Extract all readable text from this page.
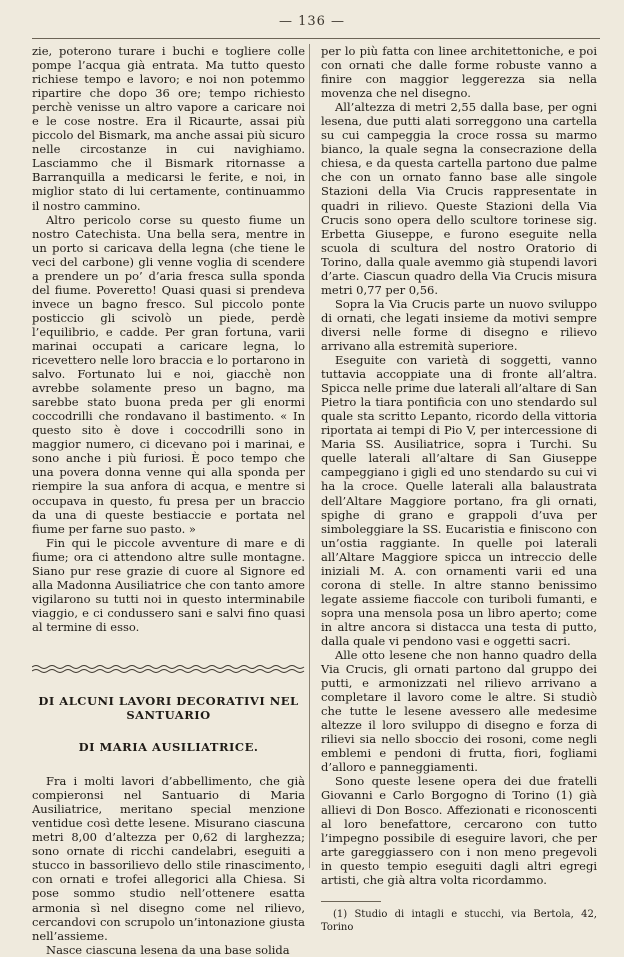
— 136 —

zie, poterono turare i buchi e togliere colle pompe l’acqua già entrata. Ma tutto questo richiese tempo e lavoro; e noi non potemmo ripartire che dopo 36 ore; tempo richiesto perchè venisse un altro vapore a caricare noi e le cose nostre. Era il Ricaurte, assai più piccolo del Bismark, ma anche assai più sicuro nelle circostanze in cui navighiamo. Lasciammo che il Bismark ritornasse a Barranquilla a medicarsi le ferite, e noi, in miglior stato di lui certamente, continuammo il nostro cammino.

Altro pericolo corse su questo fiume un nostro Catechista. Una bella sera, mentre in un porto si caricava della legna (che tiene le veci del carbone) gli venne voglia di scendere a prendere un po’ d’aria fresca sulla sponda del fiume. Poveretto! Quasi quasi si prendeva invece un bagno fresco. Sul piccolo ponte posticcio gli scivolò un piede, perdè l’equilibrio, e cadde. Per gran fortuna, varii marinai occupati a caricare legna, lo ricevettero nelle loro braccia e lo portarono in salvo. Fortunato lui e noi, giacchè non avrebbe solamente preso un bagno, ma sarebbe stato buona preda per gli enormi coccodrilli che rondavano il bastimento. « In questo sito è dove i coccodrilli sono in maggior numero, ci dicevano poi i marinai, e sono anche i più furiosi. È poco tempo che una povera donna venne qui alla sponda per riempire la sua anfora di acqua, e mentre si occupava in questo, fu presa per un braccio da una di queste bestiaccie e portata nel fiume per farne suo pasto. »

Fin qui le piccole avventure di mare e di fiume; ora ci attendono altre sulle montagne. Siano pur rese grazie di cuore al Signore ed alla Madonna Ausiliatrice che con tanto amore vigilarono su tutti noi in questo interminabile viaggio, e ci condussero sani e salvi fino quasi al termine di esso.

DI ALCUNI LAVORI DECORATIVI NEL SANTUARIO
DI MARIA AUSILIATRICE.

Fra i molti lavori d’abbellimento, che già compieronsi nel Santuario di Maria Ausiliatrice, meritano special menzione ventidue così dette lesene. Misurano ciascuna metri 8,00 d’altezza per 0,62 di larghezza; sono ornate di ricchi candelabri, eseguiti a stucco in bassorilievo dello stile rinascimento, con ornati e trofei allegorici alla Chiesa. Si pose sommo studio nell’ottenere esatta armonia sì nel disegno come nel rilievo, cercandovi con scrupolo un’intonazione giusta nell’assieme.

Nasce ciascuna lesena da una base solida

per lo più fatta con linee architettoniche, e poi con ornati che dalle forme robuste vanno a finire con maggior leggerezza sia nella movenza che nel disegno.

All’altezza di metri 2,55 dalla base, per ogni lesena, due putti alati sorreggono una cartella su cui campeggia la croce rossa su marmo bianco, la quale segna la consecrazione della chiesa, e da questa cartella partono due palme che con un ornato fanno base alle singole Stazioni della Via Crucis rappresentate in quadri in rilievo. Queste Stazioni della Via Crucis sono opera dello scultore torinese sig. Erbetta Giuseppe, e furono eseguite nella scuola di scultura del nostro Oratorio di Torino, dalla quale avemmo già stupendi lavori d’arte. Ciascun quadro della Via Crucis misura metri 0,77 per 0,56.

Sopra la Via Crucis parte un nuovo sviluppo di ornati, che legati insieme da motivi sempre diversi nelle forme di disegno e rilievo arrivano alla estremità superiore.

Eseguite con varietà di soggetti, vanno tuttavia accoppiate una di fronte all’altra. Spicca nelle prime due laterali all’altare di San Pietro la tiara pontificia con uno stendardo sul quale sta scritto Lepanto, ricordo della vittoria riportata ai tempi di Pio V, per intercessione di Maria SS. Ausiliatrice, sopra i Turchi. Su quelle laterali all’altare di San Giuseppe campeggiano i gigli ed uno stendardo su cui vi ha la croce. Quelle laterali alla balaustrata dell’Altare Maggiore portano, fra gli ornati, spighe di grano e grappoli d’uva per simboleggiare la SS. Eucaristia e finiscono con un’ostia raggiante. In quelle poi laterali all’Altare Maggiore spicca un intreccio delle iniziali M. A. con ornamenti varii ed una corona di stelle. In altre stanno benissimo legate assieme fiaccole con turiboli fumanti, e sopra una mensola posa un libro aperto; come in altre ancora si distacca una testa di putto, dalla quale vi pendono vasi e oggetti sacri.

Alle otto lesene che non hanno quadro della Via Crucis, gli ornati partono dal gruppo dei putti, e armonizzati nel rilievo arrivano a completare il lavoro come le altre. Si studiò che tutte le lesene avessero alle medesime altezze il loro sviluppo di disegno e forza di rilievi sia nello sboccio dei rosoni, come negli emblemi e pendoni di frutta, fiori, fogliami d’alloro e panneggiamenti.

Sono queste lesene opera dei due fratelli Giovanni e Carlo Borgogno di Torino (1) già allievi di Don Bosco. Affezionati e riconoscenti al loro benefattore, cercarono con tutto l’impegno possibile di eseguire lavori, che per arte gareggiassero con i non meno pregevoli in questo tempio eseguiti dagli altri egregi artisti, che già altra volta ricordammo.

(1) Studio di intagli e stucchi, via Bertola, 42, Torino
